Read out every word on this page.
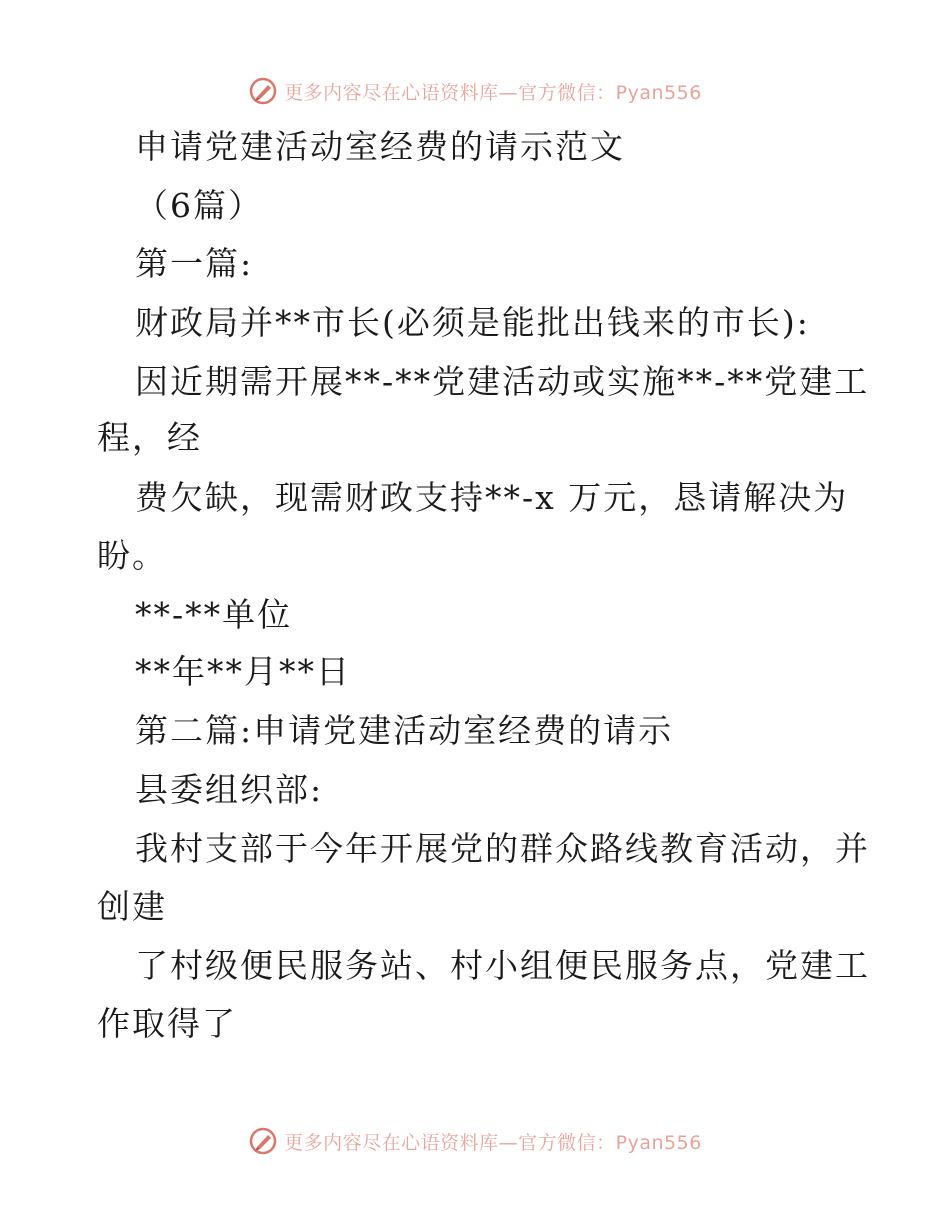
更多内容尽在心语资料库—官方微信：Pyan556
申请党建活动室经费的请示范文
（6篇）
第一篇:
财政局并**市长(必须是能批出钱来的市长):
因近期需开展**-**党建活动或实施**-**党建工
程，经
费欠缺，现需财政支持**-x 万元，恳请解决为
盼。
**-**单位
**年**月**日
第二篇:申请党建活动室经费的请示
县委组织部:
我村支部于今年开展党的群众路线教育活动，并
创建
了村级便民服务站、村小组便民服务点，党建工
作取得了
更多内容尽在心语资料库—官方微信：Pyan556
